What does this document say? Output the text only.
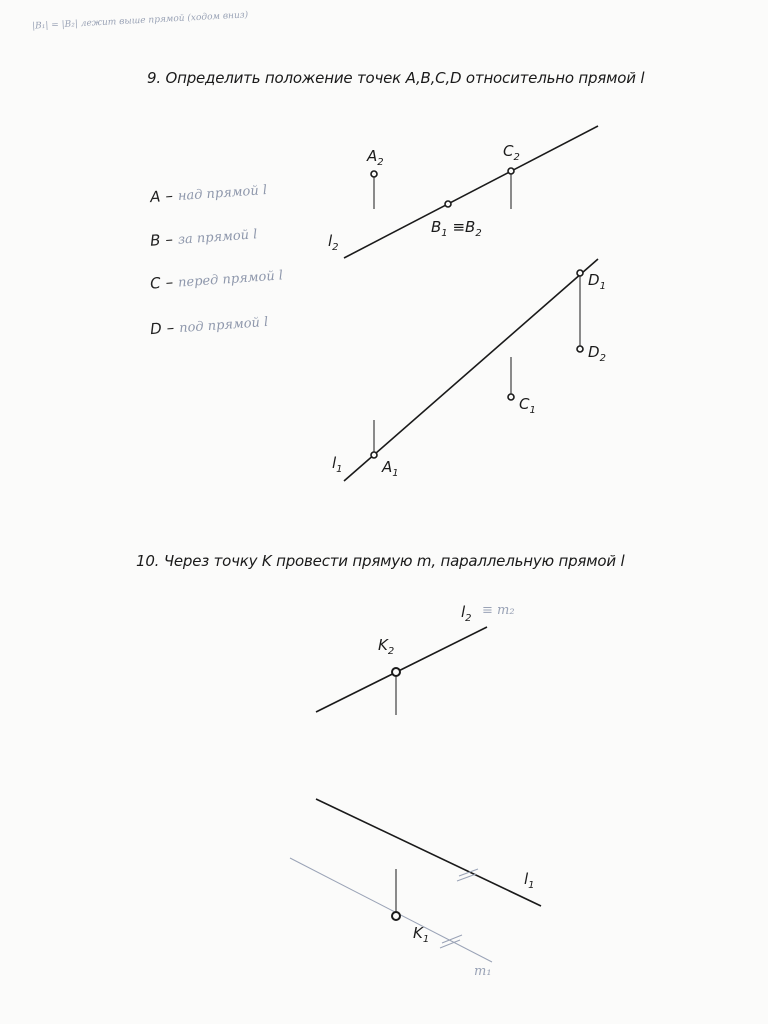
|B₁| = |B₂| лежит выше прямой (ходом вниз)

9. Определить положение точек A,B,C,D относительно прямой l
A – над прямой l
B – за прямой l
C – перед прямой l
D – под прямой l
10. Через точку K провести прямую m, параллельную прямой l
$A_2$
$C_2$
$B_1 \equiv B_2$
$l_2$
$D_1$
$D_2$
$C_1$
$A_1$
$l_1$
$l_2$
≡ m₂
$K_2$
$l_1$
$K_1$
m₁
